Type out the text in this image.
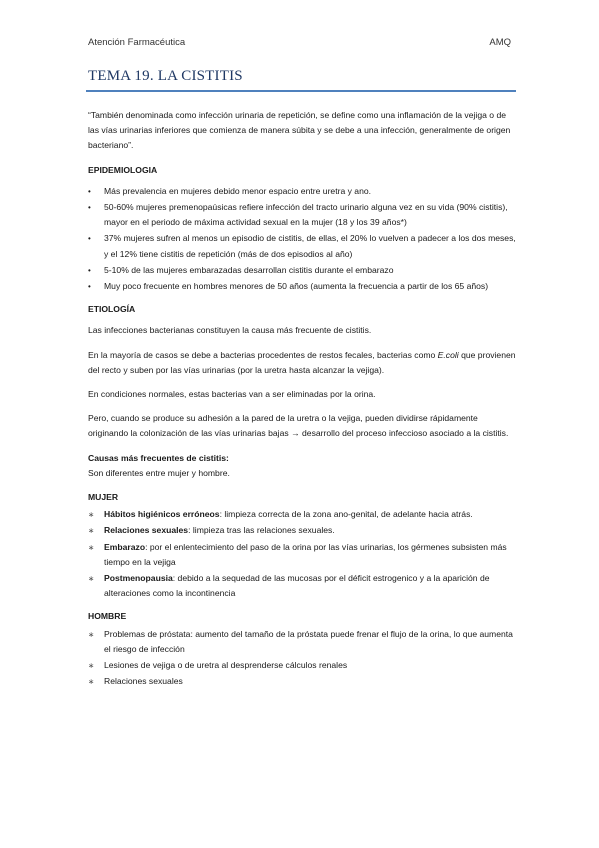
Atención Farmacéutica	AMQ
TEMA 19. LA CISTITIS

“También denominada como infección urinaria de repetición, se define como una inflamación de la vejiga o de las vías urinarias inferiores que comienza de manera súbita y se debe a una infección, generalmente de origen bacteriano”.

EPIDEMIOLOGIA
•	Más prevalencia en mujeres debido menor espacio entre uretra y ano.
•	50-60% mujeres premenopaúsicas refiere infección del tracto urinario alguna vez en su vida (90% cistitis), mayor en el periodo de máxima actividad sexual en la mujer (18 y los 39 años*)
•	37% mujeres sufren al menos un episodio de cistitis, de ellas, el 20% lo vuelven a padecer a los dos meses, y el 12% tiene cistitis de repetición (más de dos episodios al año)
•	5-10% de las mujeres embarazadas desarrollan cistitis durante el embarazo
•	Muy poco frecuente en hombres menores de 50 años (aumenta la frecuencia a partir de los 65 años)
ETIOLOGÍA

Las infecciones bacterianas constituyen la causa más frecuente de cistitis.

En la mayoría de casos se debe a bacterias procedentes de restos fecales, bacterias como E.coli que provienen del recto y suben por las vías urinarias (por la uretra hasta alcanzar la vejiga).

En condiciones normales, estas bacterias van a ser eliminadas por la orina.

Pero, cuando se produce su adhesión a la pared de la uretra o la vejiga, pueden dividirse rápidamente originando la colonización de las vías urinarias bajas → desarrollo del proceso infeccioso asociado a la cistitis.

Causas más frecuentes de cistitis:
Son diferentes entre mujer y hombre.
MUJER
∗	Hábitos higiénicos erróneos: limpieza correcta de la zona ano-genital, de adelante hacia atrás.
∗	Relaciones sexuales: limpieza tras las relaciones sexuales.
∗	Embarazo: por el enlentecimiento del paso de la orina por las vías urinarias, los gérmenes subsisten más tiempo en la vejiga
∗	Postmenopausia: debido a la sequedad de las mucosas por el déficit estrogenico y a la aparición de alteraciones como la incontinencia
HOMBRE
∗	Problemas de próstata: aumento del tamaño de la próstata puede frenar el flujo de la orina, lo que aumenta el riesgo de infección
∗	Lesiones de vejiga o de uretra al desprenderse cálculos renales
∗	Relaciones sexuales
